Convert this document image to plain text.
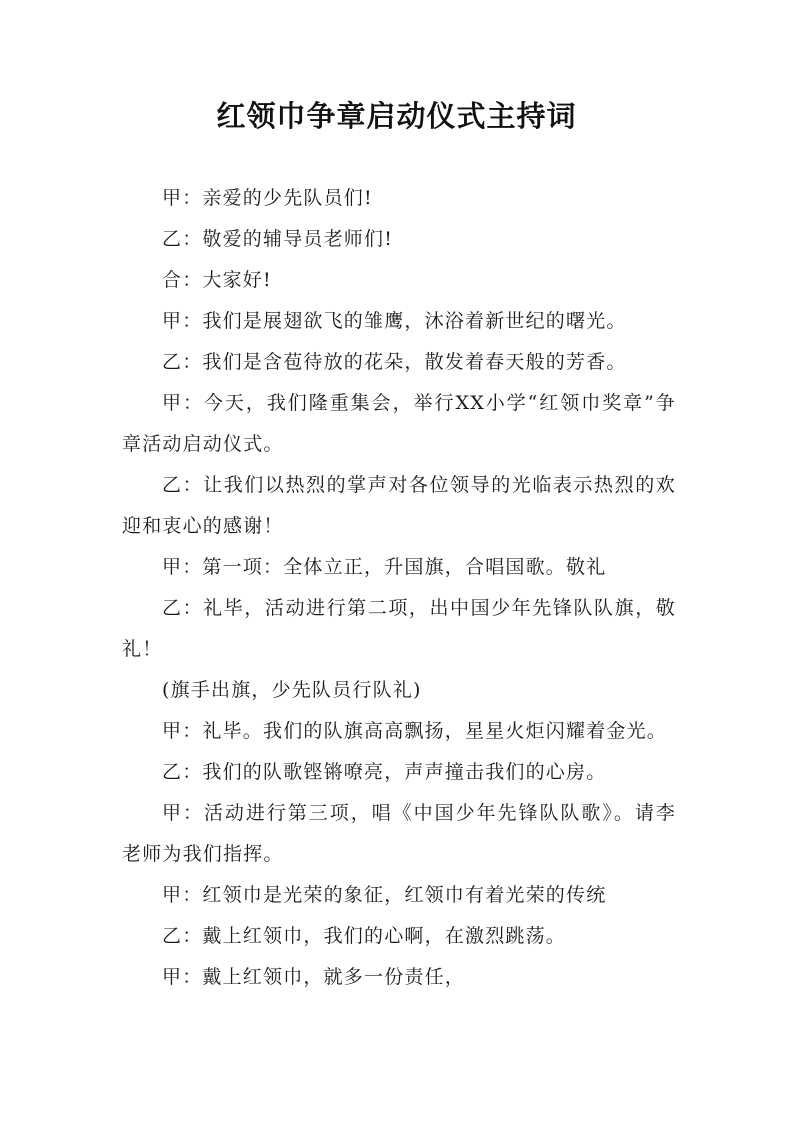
红领巾争章启动仪式主持词

甲：亲爱的少先队员们!

乙：敬爱的辅导员老师们!

合：大家好!

甲：我们是展翅欲飞的雏鹰，沐浴着新世纪的曙光。

乙：我们是含苞待放的花朵，散发着春天般的芳香。

甲：今天，我们隆重集会，举行XX小学“红领巾奖章”争章活动启动仪式。

乙：让我们以热烈的掌声对各位领导的光临表示热烈的欢迎和衷心的感谢！

甲：第一项：全体立正，升国旗，合唱国歌。敬礼

乙：礼毕，活动进行第二项，出中国少年先锋队队旗，敬礼！

(旗手出旗，少先队员行队礼)

甲：礼毕。我们的队旗高高飘扬，星星火炬闪耀着金光。

乙：我们的队歌铿锵嘹亮，声声撞击我们的心房。

甲：活动进行第三项，唱《中国少年先锋队队歌》。请李老师为我们指挥。

甲：红领巾是光荣的象征，红领巾有着光荣的传统

乙：戴上红领巾，我们的心啊，在激烈跳荡。

甲：戴上红领巾，就多一份责任，
